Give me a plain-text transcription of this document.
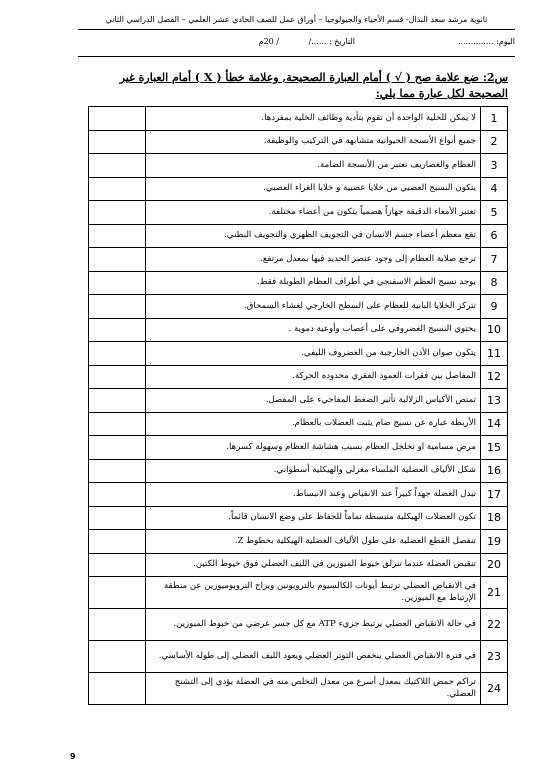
ثانوية مرشد سعد البذال- قسم الأحياء والجيولوجيا – أوراق عمل للصف الحادي عشر العلمي – الفصل الدراسي الثاني
اليوم: ..............
التاريخ : ....../
/ 20م
س2: ضع علامة صح ( √ ) أمام العبارة الصحيحة, وعلامة خطأ ( X ) أمام العبارة غير الصحيحة لكل عبارة مما يلي:
1	لا يمكن للخلية الواحدة أن تقوم بتأدية وظائف الخلية بمفردها.	
2	جميع أنواع الأنسجة الحيوانية متشابهة في التركيب والوظيفة.	
3	العظام والغضاريف تعتبر من الأنسجة الضامة.	
4	يتكون النسيج العصبي من خلايا عصبية و خلايا الغراء العصبي.	
5	تعتبر الأمعاء الدقيقة جهازاً هضمياً يتكون من أعضاء مختلفة.	
6	تقع معظم أعضاء جسم الانسان في التجويف الظهري والتجويف البطني.	
7	ترجع صلابة العظام إلى وجود عنصر الحديد فيها بمعدل مرتفع.	
8	يوجد نسيج العظم الاسفنجي في أطراف العظام الطويلة فقط.	
9	تتركز الخلايا البانية للعظام على السطح الخارجي لغشاء السمحاق.	
10	يحتوي النسيج الغضروفي على أعصاب وأوعية دموية .	
11	يتكون صوان الأذن الخارجية من الغضروف الليفي.	
12	المفاصل بين فقرات العمود الفقري محدودة الحركة.	
13	تمتص الأكياس الزلالية تأثير الضغط المفاجيء على المفصل.	
14	الأربطة عبارة عن نسيج ضام يثبت العضلات بالعظام.	
15	مرض مسامية او تخلخل العظام بسبب هشاشة العظام وسهولة كسرها.	
16	شكل الألياف العضلية الملساء مغزلي والهيكلية أسطواني.	
17	تبذل العضلة جهداً كبيراً عند الانقباض وعند الانبساط.	
18	تكون العضلات الهيكلية منبسطة تماماً للحفاظ على وضع الانسان قائماً.	
19	تنفصل القطع العضلية على طول الألياف العضلية الهيكلية بخطوط Z.	
20	تنقبض العضلة عندما تنزلق خيوط الميوزين في الليف العضلي فوق خيوط الكتين.	
21	في الانقباض العضلي ترتبط أيونات الكالسيوم بالتروبونين ويزاح التروبوميوزين عن منطقة الإرتباط مع الميوزين.	
22	في حالة الانقباض العضلي يرتبط جزيء ATP مع كل جسر عرضي من خيوط الميوزين.	
23	في فترة الانقباض العضلي ينخفض التوتر العضلي ويعود الليف العضلي إلى طوله الأساسي.	
24	تراكم حمض اللاكتيك بمعدل أسرع من معدل التخلص منه في العضلة يؤدي إلى التشنج العضلي.	
9
